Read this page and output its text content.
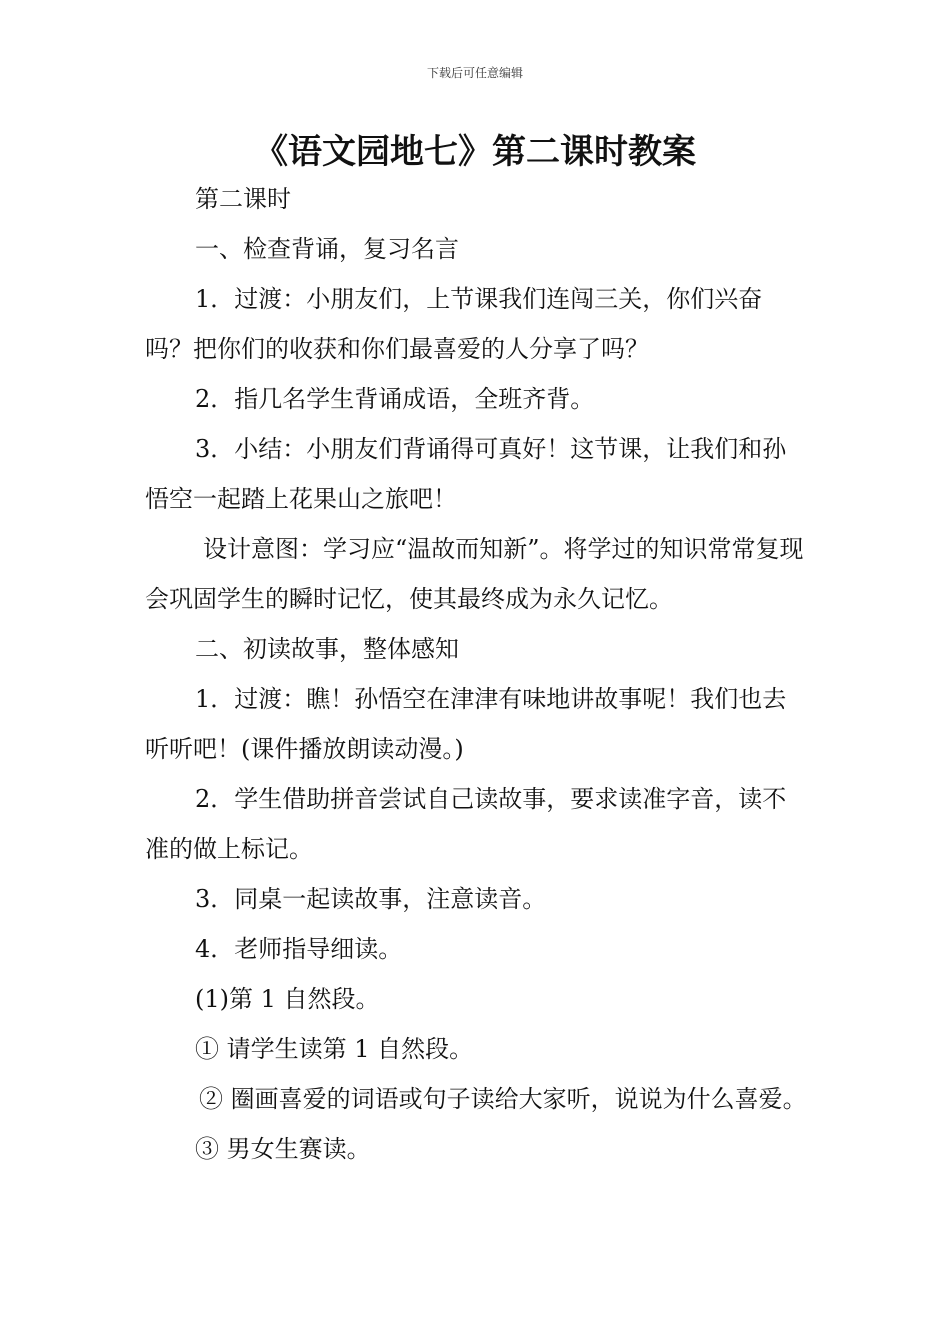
下载后可任意编辑
《语文园地七》第二课时教案

第二课时

一、检查背诵，复习名言

1．过渡：小朋友们，上节课我们连闯三关，你们兴奋吗？把你们的收获和你们最喜爱的人分享了吗？

2．指几名学生背诵成语，全班齐背。

3．小结：小朋友们背诵得可真好！这节课，让我们和孙悟空一起踏上花果山之旅吧！

设计意图：学习应“温故而知新”。将学过的知识常常复现会巩固学生的瞬时记忆，使其最终成为永久记忆。

二、初读故事，整体感知

1．过渡：瞧！孙悟空在津津有味地讲故事呢！我们也去听听吧！(课件播放朗读动漫。)

2．学生借助拼音尝试自己读故事，要求读准字音，读不准的做上标记。

3．同桌一起读故事，注意读音。

4．老师指导细读。

(1)第 1 自然段。

① 请学生读第 1 自然段。

② 圈画喜爱的词语或句子读给大家听，说说为什么喜爱。

③ 男女生赛读。
